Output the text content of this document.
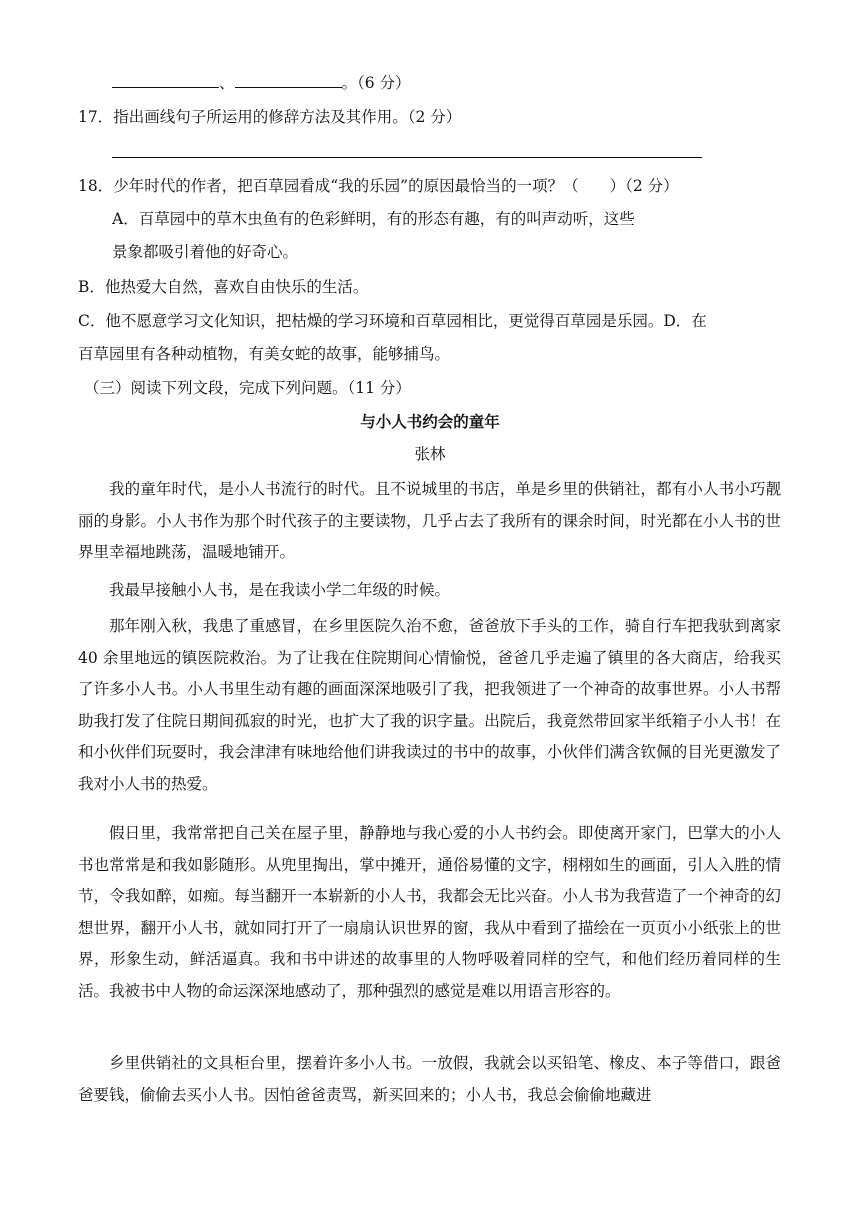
、	。（6 分）
17．指出画线句子所运用的修辞方法及其作用。（2 分）
18．少年时代的作者，把百草园看成“我的乐园”的原因最恰当的一项？（　　）（2 分）
A．百草园中的草木虫鱼有的色彩鲜明，有的形态有趣，有的叫声动听，这些
景象都吸引着他的好奇心。
B．他热爱大自然，喜欢自由快乐的生活。
C．他不愿意学习文化知识，把枯燥的学习环境和百草园相比，更觉得百草园是乐园。D．在
百草园里有各种动植物，有美女蛇的故事，能够捕鸟。
（三）阅读下列文段，完成下列问题。（11 分）
与小人书约会的童年
张林

我的童年时代，是小人书流行的时代。且不说城里的书店，单是乡里的供销社，都有小人书小巧靓丽的身影。小人书作为那个时代孩子的主要读物，几乎占去了我所有的课余时间，时光都在小人书的世界里幸福地跳荡，温暖地铺开。

我最早接触小人书，是在我读小学二年级的时候。

那年刚入秋，我患了重感冒，在乡里医院久治不愈，爸爸放下手头的工作，骑自行车把我驮到离家 40 余里地远的镇医院救治。为了让我在住院期间心情愉悦，爸爸几乎走遍了镇里的各大商店，给我买了许多小人书。小人书里生动有趣的画面深深地吸引了我，把我领进了一个神奇的故事世界。小人书帮助我打发了住院日期间孤寂的时光，也扩大了我的识字量。出院后，我竟然带回家半纸箱子小人书！在和小伙伴们玩耍时，我会津津有味地给他们讲我读过的书中的故事，小伙伴们满含钦佩的目光更激发了我对小人书的热爱。

假日里，我常常把自己关在屋子里，静静地与我心爱的小人书约会。即使离开家门，巴掌大的小人书也常常是和我如影随形。从兜里掏出，掌中摊开，通俗易懂的文字，栩栩如生的画面，引人入胜的情节，令我如醉，如痴。每当翻开一本崭新的小人书，我都会无比兴奋。小人书为我营造了一个神奇的幻想世界，翻开小人书，就如同打开了一扇扇认识世界的窗，我从中看到了描绘在一页页小小纸张上的世界，形象生动，鲜活逼真。我和书中讲述的故事里的人物呼吸着同样的空气，和他们经历着同样的生活。我被书中人物的命运深深地感动了，那种强烈的感觉是难以用语言形容的。

乡里供销社的文具柜台里，摆着许多小人书。一放假，我就会以买铅笔、橡皮、本子等借口，跟爸爸要钱，偷偷去买小人书。因怕爸爸责骂，新买回来的；小人书，我总会偷偷地藏进
